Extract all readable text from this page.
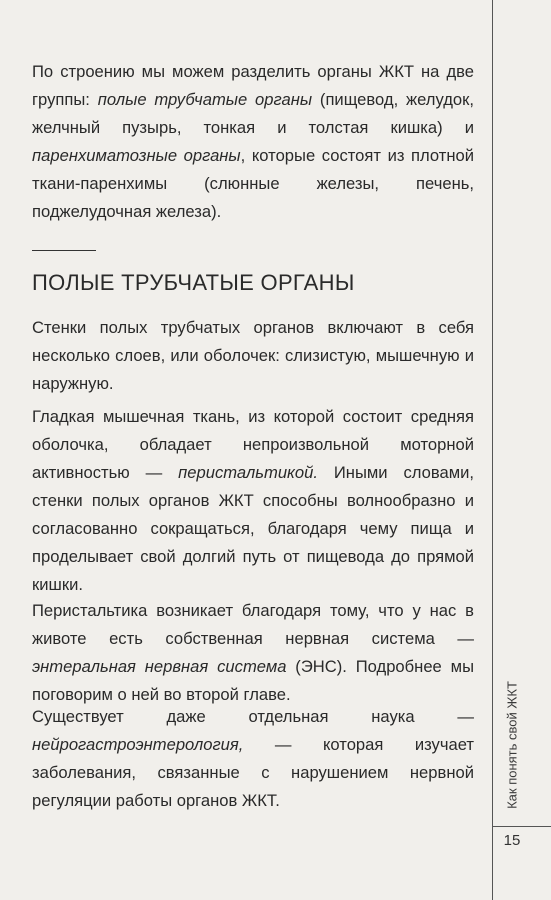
По строению мы можем разделить органы ЖКТ на две группы: полые трубчатые органы (пищевод, желудок, желчный пузырь, тонкая и толстая кишка) и паренхиматозные органы, которые состоят из плотной ткани-паренхимы (слюнные железы, печень, поджелудочная железа).

ПОЛЫЕ ТРУБЧАТЫЕ ОРГАНЫ

Стенки полых трубчатых органов включают в себя несколько слоев, или оболочек: слизистую, мышечную и наружную.

Гладкая мышечная ткань, из которой состоит средняя оболочка, обладает непроизвольной моторной активностью — перистальтикой. Иными словами, стенки полых органов ЖКТ способны волнообразно и согласованно сокращаться, благодаря чему пища и проделывает свой долгий путь от пищевода до прямой кишки.

Перистальтика возникает благодаря тому, что у нас в животе есть собственная нервная система — энтеральная нервная система (ЭНС). Подробнее мы поговорим о ней во второй главе.

Существует даже отдельная наука — нейрогастроэнтерология, — которая изучает заболевания, связанные с нарушением нервной регуляции работы органов ЖКТ.	Как понять свой ЖКТ
15
